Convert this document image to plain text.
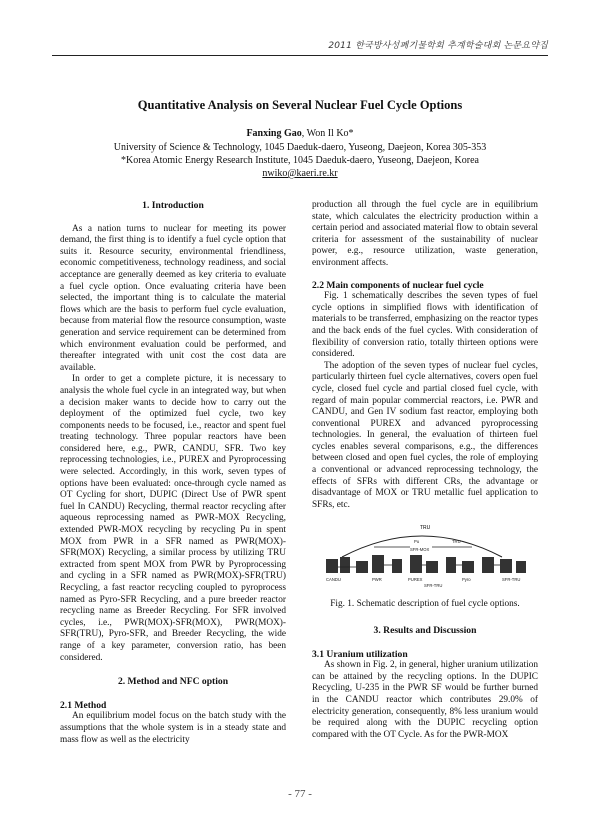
2011 한국방사성폐기물학회 추계학술대회 논문요약집
Quantitative Analysis on Several Nuclear Fuel Cycle Options
Fanxing Gao, Won Il Ko*
University of Science & Technology, 1045 Daeduk-daero, Yuseong, Daejeon, Korea 305-353
*Korea Atomic Energy Research Institute, 1045 Daeduk-daero, Yuseong, Daejeon, Korea
nwiko@kaeri.re.kr
1. Introduction

As a nation turns to nuclear for meeting its power demand, the first thing is to identify a fuel cycle option that suits it. Resource security, environmental friendliness, economic competitiveness, technology readiness, and social acceptance are generally deemed as key criteria to evaluate a fuel cycle option. Once evaluating criteria have been selected, the important thing is to calculate the material flows which are the basis to perform fuel cycle evaluation, because from material flow the resource consumption, waste generation and service requirement can be determined from which environment evaluation could be performed, and thereafter integrated with unit cost the cost data are available.

In order to get a complete picture, it is necessary to analysis the whole fuel cycle in an integrated way, but when a decision maker wants to decide how to carry out the deployment of the optimized fuel cycle, two key components needs to be focused, i.e., reactor and spent fuel treating technology. Three popular reactors have been considered here, e.g., PWR, CANDU, SFR. Two key reprocessing technologies, i.e., PUREX and Pyroprocessing were selected. Accordingly, in this work, seven types of options have been evaluated: once-through cycle named as OT Cycling for short, DUPIC (Direct Use of PWR spent fuel In CANDU) Recycling, thermal reactor recycling after aqueous reprocessing named as PWR-MOX Recycling, extended PWR-MOX recycling by recycling Pu in spent MOX from PWR in a SFR named as PWR(MOX)-SFR(MOX) Recycling, a similar process by utilizing TRU extracted from spent MOX from PWR by Pyroprocessing and cycling in a SFR named as PWR(MOX)-SFR(TRU) Recycling, a fast reactor recycling coupled to pyroprocess named as Pyro-SFR Recycling, and a pure breeder reactor recycling name as Breeder Recycling. For SFR involved cycles, i.e., PWR(MOX)-SFR(MOX), PWR(MOX)-SFR(TRU), Pyro-SFR, and Breeder Recycling, the wide range of a key parameter, conversion ratio, has been considered.

2. Method and NFC option
2.1 Method

An equilibrium model focus on the batch study with the assumptions that the whole system is in a steady state and mass flow as well as the electricity

production all through the fuel cycle are in equilibrium state, which calculates the electricity production within a certain period and associated material flow to obtain several criteria for assessment of the sustainability of nuclear power, e.g., resource utilization, waste generation, environment affects.

2.2 Main components of nuclear fuel cycle

Fig. 1 schematically describes the seven types of fuel cycle options in simplified flows with identification of materials to be transferred, emphasizing on the reactor types and the back ends of the fuel cycles. With consideration of flexibility of conversion ratio, totally thirteen options were considered.

The adoption of the seven types of nuclear fuel cycles, particularly thirteen fuel cycle alternatives, covers open fuel cycle, closed fuel cycle and partial closed fuel cycle, with regard of main popular commercial reactors, i.e. PWR and CANDU, and Gen IV sodium fast reactor, employing both conventional PUREX and advanced pyroprocessing technologies. In general, the evaluation of thirteen fuel cycles enables several comparisons, e.g., the differences between closed and open fuel cycles, the role of employing a conventional or advanced reprocessing technology, the effects of SFRs with different CRs, the advantage or disadvantage of MOX or TRU metallic fuel application to SFRs, etc.

TRU
CANDU	PWR	PUREX	Pyro
SFR-MOX
SFR-TRU
SFR-TRU
Pu	TRU
Fig. 1. Schematic description of fuel cycle options.
3. Results and Discussion
3.1 Uranium utilization

As shown in Fig. 2, in general, higher uranium utilization can be attained by the recycling options. In the DUPIC Recycling, U-235 in the PWR SF would be further burned in the CANDU reactor which contributes 29.0% of electricity generation, consequently, 8% less uranium would be required along with the DUPIC recycling option compared with the OT Cycle. As for the PWR-MOX

- 77 -
